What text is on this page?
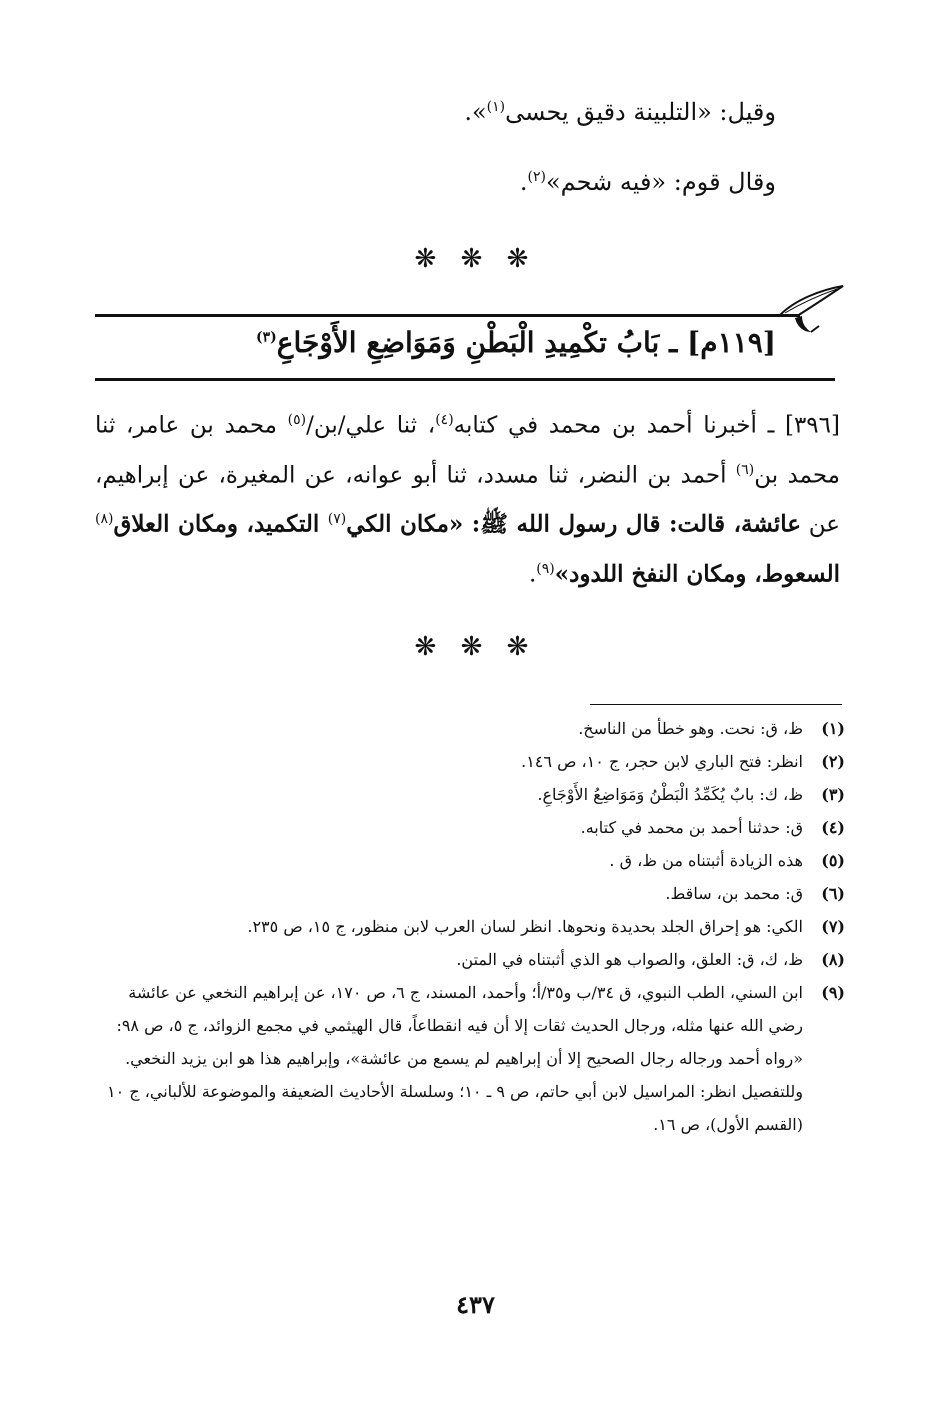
وقيل: «التلبينة دقيق يحسى$^{(١)}$».
وقال قوم: «فيه شحم»$^{(٢)}$.
❋ ❋ ❋
[١١٩م] ـ بَابُ تكْمِيدِ الْبَطْنِ وَمَوَاضِعِ الأَوْجَاعِ$^{(٣)}$
[٣٩٦] ـ أخبرنا أحمد بن محمد في كتابه$^{(٤)}$، ثنا علي/بن/$^{(٥)}$ محمد بن عامر، ثنا محمد بن$^{(٦)}$ أحمد بن النضر، ثنا مسدد، ثنا أبو عوانه، عن المغيرة، عن إبراهيم، عن عائشة، قالت: قال رسول الله ﷺ: «مكان الكي$^{(٧)}$ التكميد، ومكان العلاق$^{(٨)}$ السعوط، ومكان النفخ اللدود»$^{(٩)}$.
❋ ❋ ❋
(١)
ظ، ق: نحت. وهو خطأ من الناسخ.
(٢)
انظر: فتح الباري لابن حجر، ج ١٠، ص ١٤٦.
(٣)
ظ، ك: بابٌ يُكَمِّدُ الْبَطْنُ وَمَوَاضِعُ الأَوْجَاعِ.
(٤)
ق: حدثنا أحمد بن محمد في كتابه.
(٥)
هذه الزيادة أثبتناه من ظ، ق .
(٦)
ق: محمد بن، ساقط.
(٧)
الكي: هو إحراق الجلد بحديدة ونحوها. انظر لسان العرب لابن منظور، ج ١٥، ص ٢٣٥.
(٨)
ظ، ك، ق: العلق، والصواب هو الذي أثبتناه في المتن.
(٩)
ابن السني، الطب النبوي، ق ٣٤/ب و٣٥/أ؛ وأحمد، المسند، ج ٦، ص ١٧٠، عن إبراهيم النخعي عن عائشة رضي الله عنها مثله، ورجال الحديث ثقات إلا أن فيه انقطاعاً، قال الهيثمي في مجمع الزوائد، ج ٥، ص ٩٨: «رواه أحمد ورجاله رجال الصحيح إلا أن إبراهيم لم يسمع من عائشة»، وإبراهيم هذا هو ابن يزيد النخعي. وللتفصيل انظر: المراسيل لابن أبي حاتم، ص ٩ ـ ١٠؛ وسلسلة الأحاديث الضعيفة والموضوعة للألباني، ج ١٠ (القسم الأول)، ص ١٦.
٤٣٧
